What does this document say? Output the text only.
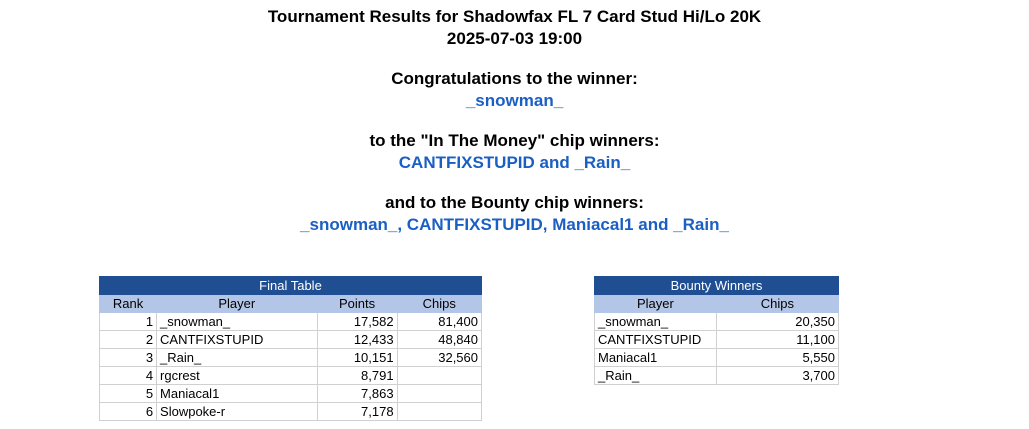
Tournament Results for Shadowfax FL 7 Card Stud Hi/Lo 20K
2025-07-03 19:00
Congratulations to the winner:
_snowman_
to the "In The Money" chip winners:
CANTFIXSTUPID and _Rain_
and to the Bounty chip winners:
_snowman_, CANTFIXSTUPID, Maniacal1 and _Rain_
Final Table			
Rank	Player	Points	Chips
1	_snowman_	17,582	81,400
2	CANTFIXSTUPID	12,433	48,840
3	_Rain_	10,151	32,560
4	rgcrest	8,791	
5	Maniacal1	7,863	
6	Slowpoke-r	7,178	
Bounty Winners	
Player	Chips
_snowman_	20,350
CANTFIXSTUPID	11,100
Maniacal1	5,550
_Rain_	3,700
